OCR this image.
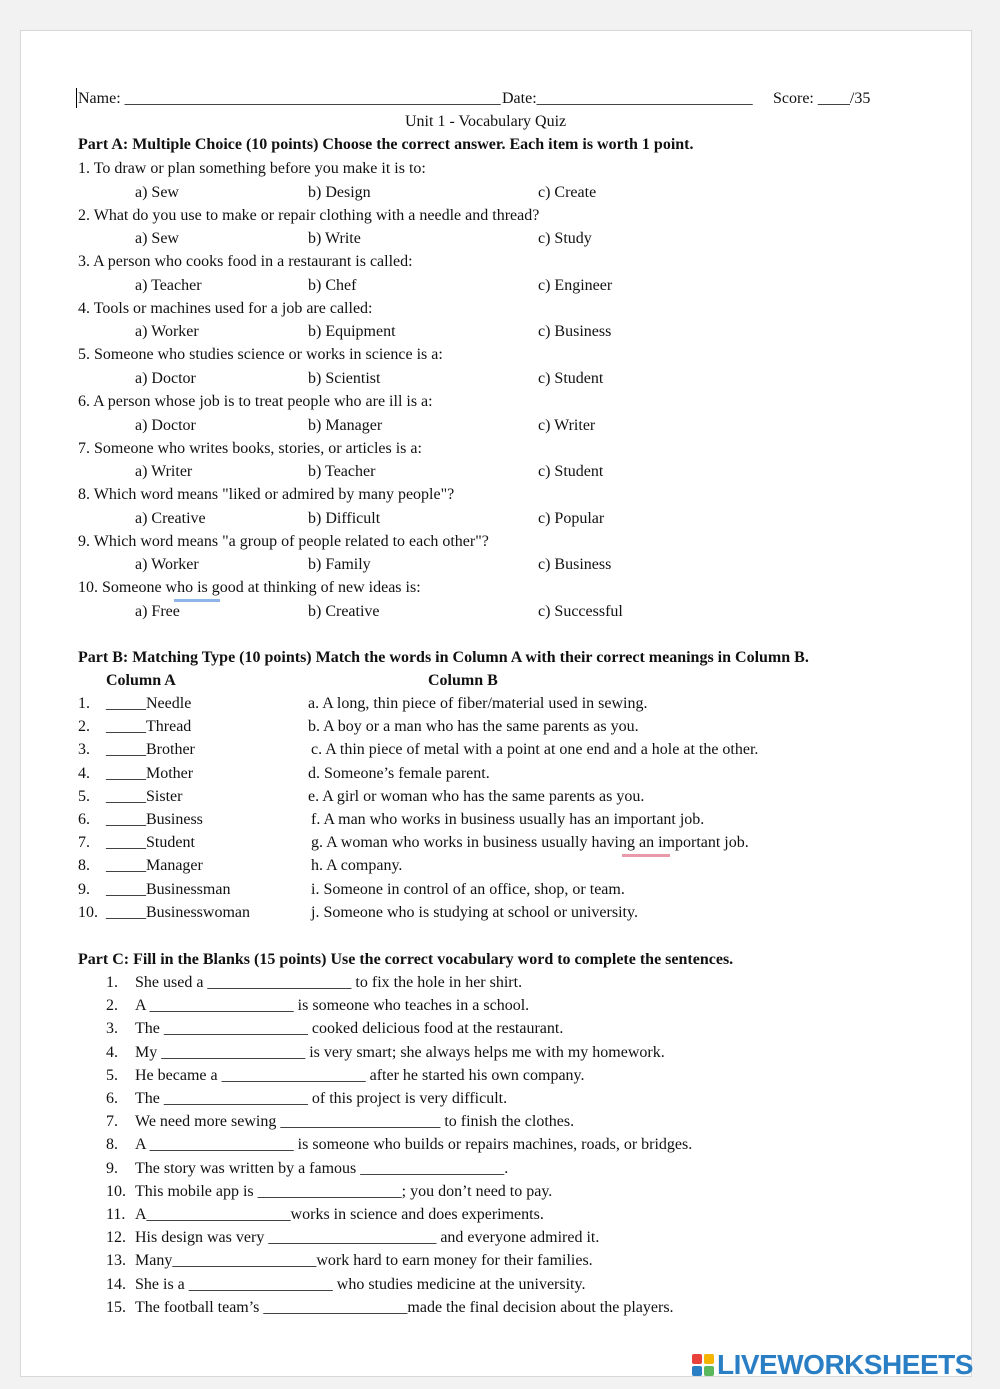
Name: _______________________________________________ Date:___________________________ Score: ____/35
Unit 1 - Vocabulary Quiz
Part A: Multiple Choice (10 points) Choose the correct answer. Each item is worth 1 point.
1. To draw or plan something before you make it is to:
a) Sew	b) Design	c) Create
2. What do you use to make or repair clothing with a needle and thread?
a) Sew	b) Write	c) Study
3. A person who cooks food in a restaurant is called:
a) Teacher	b) Chef	c) Engineer
4. Tools or machines used for a job are called:
a) Worker	b) Equipment	c) Business
5. Someone who studies science or works in science is a:
a) Doctor	b) Scientist	c) Student
6. A person whose job is to treat people who are ill is a:
a) Doctor	b) Manager	c) Writer
7. Someone who writes books, stories, or articles is a:
a) Writer	b) Teacher	c) Student
8. Which word means "liked or admired by many people"?
a) Creative	b) Difficult	c) Popular
9. Which word means "a group of people related to each other"?
a) Worker	b) Family	c) Business
10. Someone who is good at thinking of new ideas is:
a) Free	b) Creative	c) Successful
Part B: Matching Type (10 points) Match the words in Column A with their correct meanings in Column B.
Column A	Column B
1. _____Needle	a. A long, thin piece of fiber/material used in sewing.
2. _____Thread	b. A boy or a man who has the same parents as you.
3. _____Brother	c. A thin piece of metal with a point at one end and a hole at the other.
4. _____Mother	d. Someone’s female parent.
5. _____Sister	e. A girl or woman who has the same parents as you.
6. _____Business	f. A man who works in business usually has an important job.
7. _____Student	g. A woman who works in business usually having an important job.
8. _____Manager	h. A company.
9. _____Businessman	i. Someone in control of an office, shop, or team.
10. _____Businesswoman	j. Someone who is studying at school or university.
Part C: Fill in the Blanks (15 points) Use the correct vocabulary word to complete the sentences.
1. She used a __________________ to fix the hole in her shirt.
2. A __________________ is someone who teaches in a school.
3. The __________________ cooked delicious food at the restaurant.
4. My __________________ is very smart; she always helps me with my homework.
5. He became a __________________ after he started his own company.
6. The __________________ of this project is very difficult.
7. We need more sewing ____________________ to finish the clothes.
8. A __________________ is someone who builds or repairs machines, roads, or bridges.
9. The story was written by a famous __________________.
10. This mobile app is __________________; you don’t need to pay.
11. A__________________works in science and does experiments.
12. His design was very _____________________ and everyone admired it.
13. Many__________________work hard to earn money for their families.
14. She is a __________________ who studies medicine at the university.
15. The football team’s __________________made the final decision about the players.
LIVEWORKSHEETS
